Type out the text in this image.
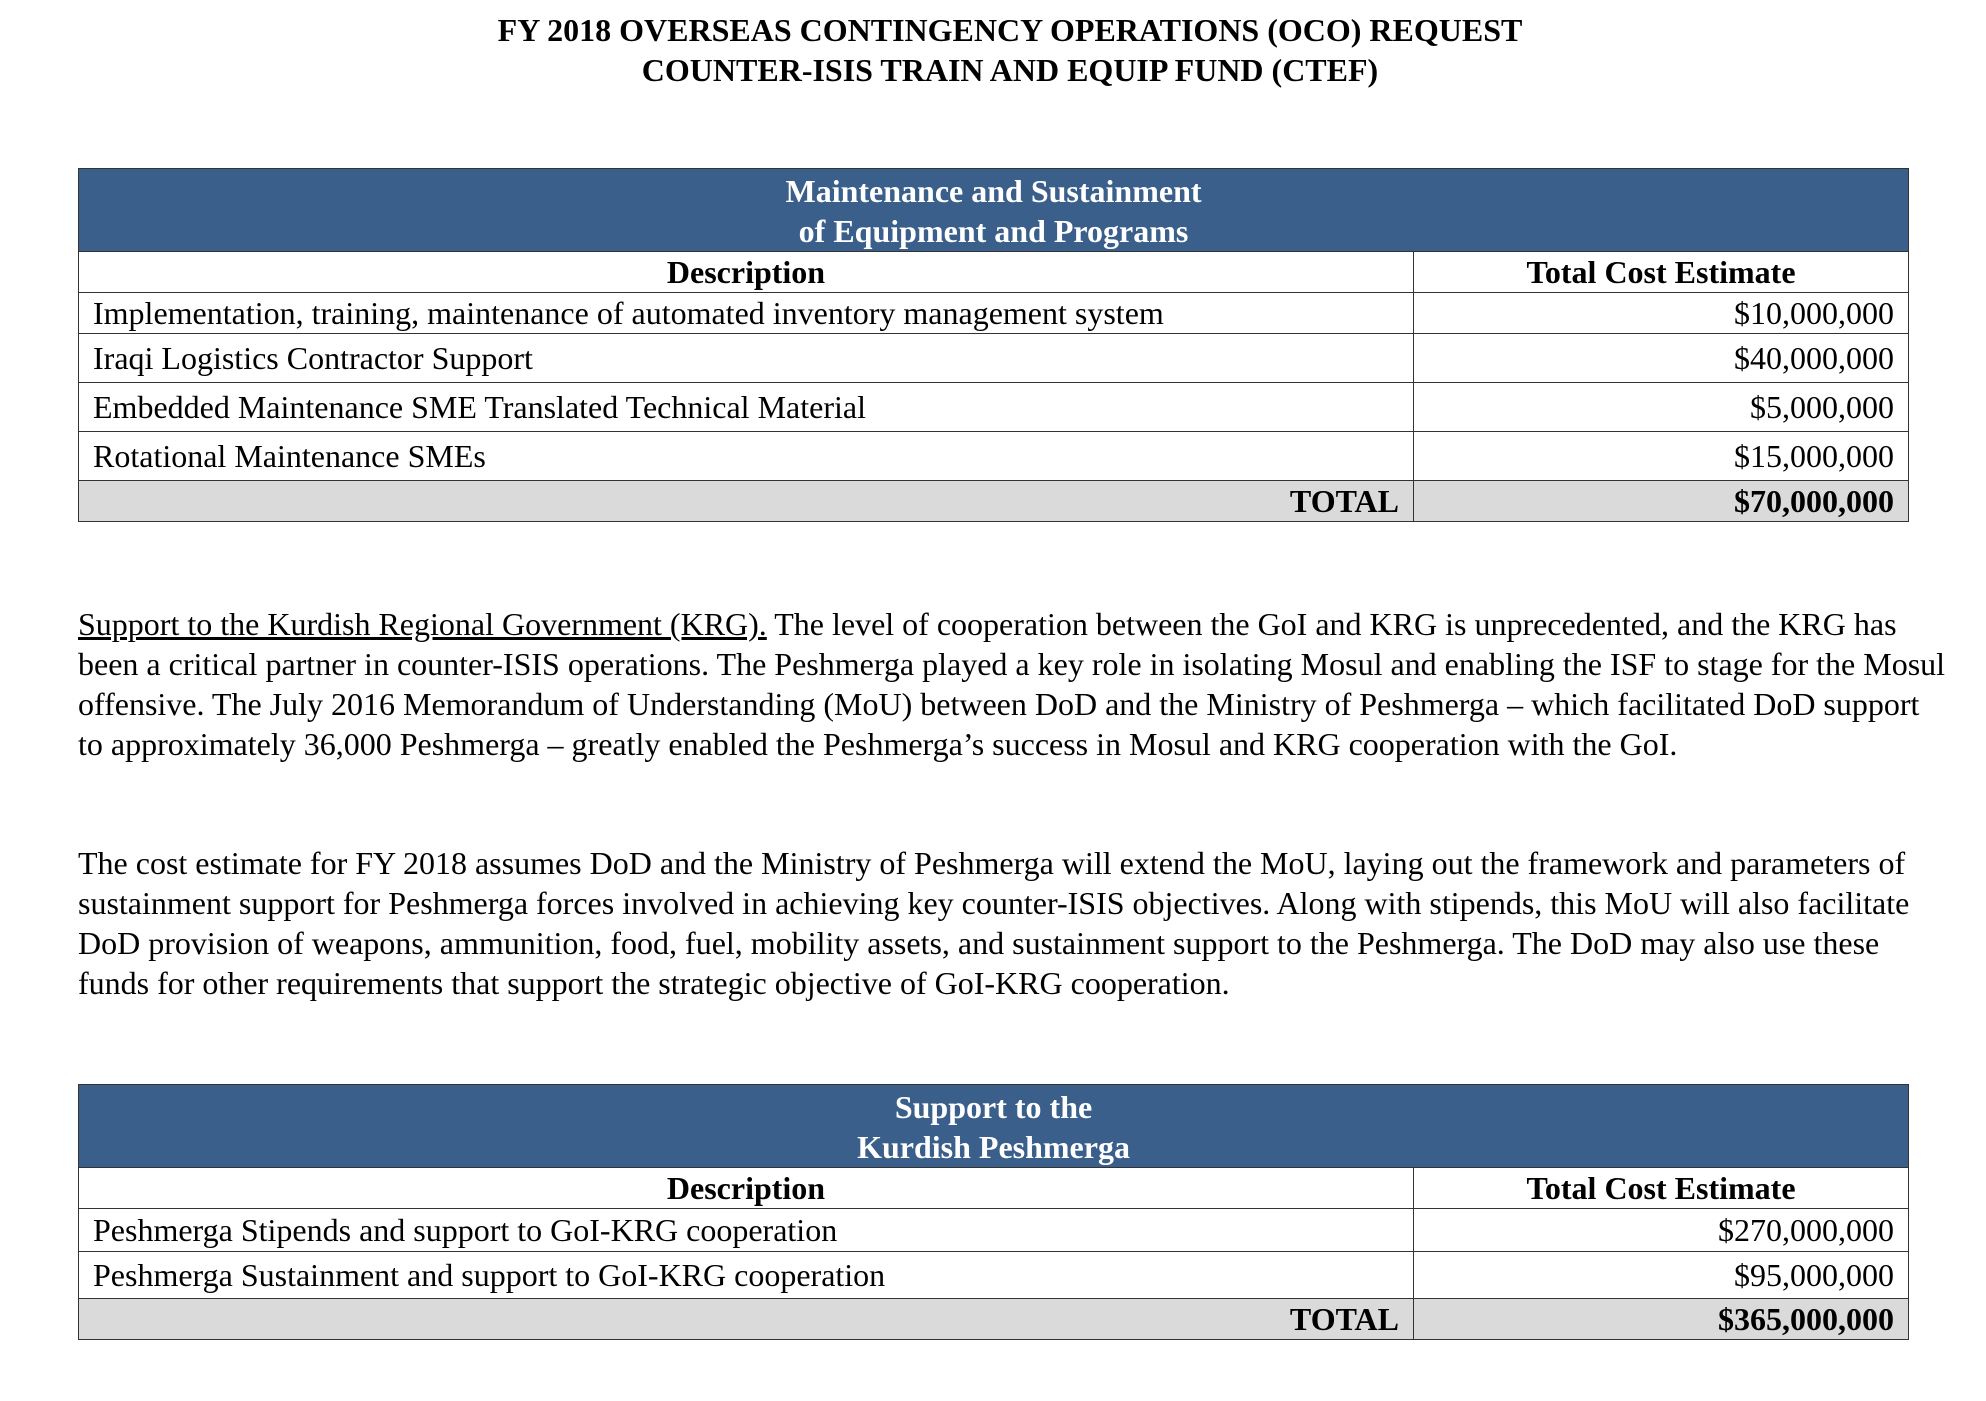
FY 2018 OVERSEAS CONTINGENCY OPERATIONS (OCO) REQUEST
COUNTER-ISIS TRAIN AND EQUIP FUND (CTEF)
Maintenance and Sustainment
of Equipment and Programs	

Description	Total Cost Estimate
Implementation, training, maintenance of automated inventory management system	$10,000,000
Iraqi Logistics Contractor Support	$40,000,000
Embedded Maintenance SME Translated Technical Material	$5,000,000
Rotational Maintenance SMEs	$15,000,000
TOTAL	$70,000,000

Support to the Kurdish Regional Government (KRG). The level of cooperation between the GoI and KRG is unprecedented, and the KRG has been a critical partner in counter-ISIS operations. The Peshmerga played a key role in isolating Mosul and enabling the ISF to stage for the Mosul offensive. The July 2016 Memorandum of Understanding (MoU) between DoD and the Ministry of Peshmerga – which facilitated DoD support to approximately 36,000 Peshmerga – greatly enabled the Peshmerga’s success in Mosul and KRG cooperation with the GoI.

The cost estimate for FY 2018 assumes DoD and the Ministry of Peshmerga will extend the MoU, laying out the framework and parameters of sustainment support for Peshmerga forces involved in achieving key counter-ISIS objectives. Along with stipends, this MoU will also facilitate DoD provision of weapons, ammunition, food, fuel, mobility assets, and sustainment support to the Peshmerga. The DoD may also use these funds for other requirements that support the strategic objective of GoI-KRG cooperation.

Support to the
Kurdish Peshmerga	

Description	Total Cost Estimate
Peshmerga Stipends and support to GoI-KRG cooperation	$270,000,000
Peshmerga Sustainment and support to GoI-KRG cooperation	$95,000,000
TOTAL	$365,000,000
